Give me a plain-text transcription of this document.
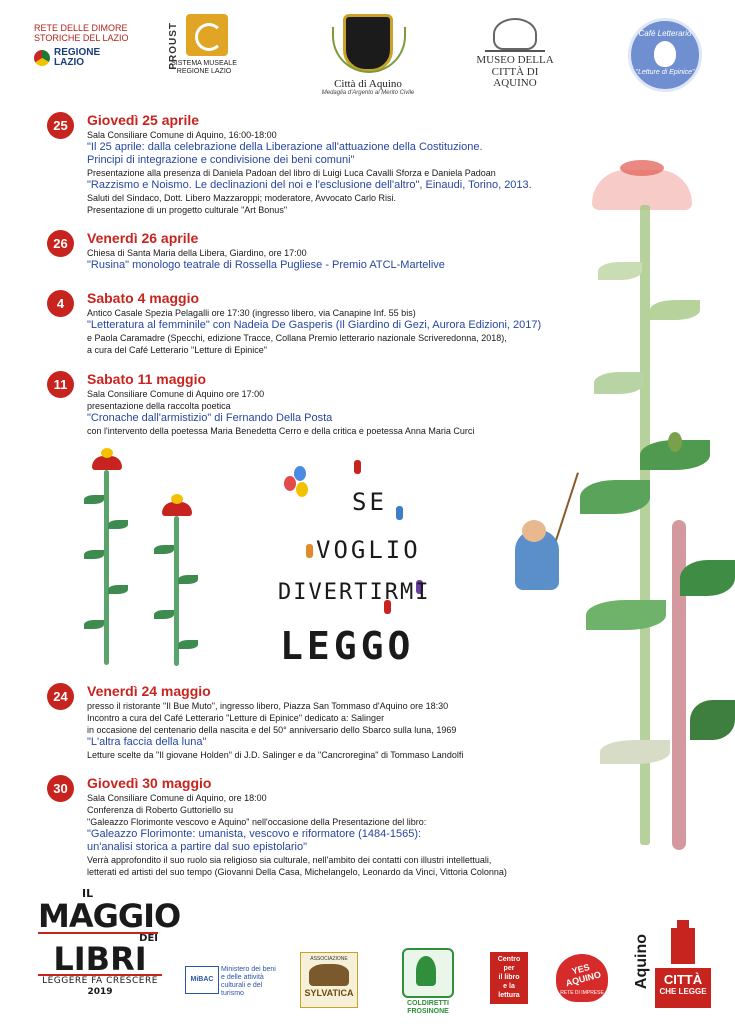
RETE DELLE DIMORE
STORICHE DEL LAZIO
REGIONE
LAZIO	PROUST
SISTEMA MUSEALE
REGIONE LAZIO
Città di Aquino
Medaglia d'Argento al Merito Civile
MUSEO DELLA
CITTÀ DI AQUINO
Café Letterario
"Letture di Epinice"
SE
VOGLIO
DIVERTIRMI
LEGGO
25	Giovedì 25 aprile
Sala Consiliare Comune di Aquino, 16:00-18:00
"Il 25 aprile: dalla celebrazione della Liberazione all'attuazione della Costituzione.
Principi di integrazione e condivisione dei beni comuni"
Presentazione alla presenza di Daniela Padoan del libro di Luigi Luca Cavalli Sforza e Daniela Padoan
"Razzismo e Noismo. Le declinazioni del noi e l'esclusione dell'altro", Einaudi, Torino, 2013.
Saluti del Sindaco, Dott. Libero Mazzaroppi; moderatore, Avvocato Carlo Risi.
Presentazione di un progetto culturale "Art Bonus"
26	Venerdì 26 aprile
Chiesa di Santa Maria della Libera, Giardino, ore 17:00
"Rusina" monologo teatrale di Rossella Pugliese - Premio ATCL-Martelive
4	Sabato 4 maggio
Antico Casale Spezia Pelagalli ore 17:30 (ingresso libero, via Canapine Inf. 55 bis)
"Letteratura al femminile" con Nadeia De Gasperis (Il Giardino di Gezi, Aurora Edizioni, 2017)
e Paola Caramadre (Specchi, edizione Tracce, Collana Premio letterario nazionale Scriveredonna, 2018),
a cura del Café Letterario "Letture di Epinice"
11	Sabato 11 maggio
Sala Consiliare Comune di Aquino ore 17:00
presentazione della raccolta poetica
"Cronache dall'armistizio" di Fernando Della Posta
con l'intervento della poetessa Maria Benedetta Cerro e della critica e poetessa Anna Maria Curci
24	Venerdì 24 maggio
presso il ristorante "Il Bue Muto", ingresso libero, Piazza San Tommaso d'Aquino ore 18:30
Incontro a cura del Café Letterario "Letture di Epinice" dedicato a: Salinger
in occasione del centenario della nascita e del 50° anniversario dello Sbarco sulla luna, 1969
"L'altra faccia della luna"
Letture scelte da "Il giovane Holden" di J.D. Salinger e da "Cancroregina" di Tommaso Landolfi
30	Giovedì 30 maggio
Sala Consiliare Comune di Aquino, ore 18:00
Conferenza di Roberto Guttoriello su
"Galeazzo Florimonte vescovo e Aquino" nell'occasione della Presentazione del libro:
"Galeazzo Florimonte: umanista, vescovo e riformatore (1484-1565):
un'analisi storica a partire dal suo epistolario"
Verrà approfondito il suo ruolo sia religioso sia culturale, nell'ambito dei contatti con illustri intellettuali,
letterati ed artisti del suo tempo (Giovanni Della Casa, Michelangelo, Leonardo da Vinci, Vittoria Colonna)
IL
MAGGIO
DEI
LIBRI
LEGGERE FA CRESCERE
2019
MiBAC
Ministero dei beni e delle attività culturali e del turismo
ASSOCIAZIONE
SYLVATICA
COLDIRETTI
FROSINONE
Centro
per
il libro
e la
lettura
YES AQUINO
RETE DI IMPRESE
Aquino	CITTÀ
CHE LEGGE
